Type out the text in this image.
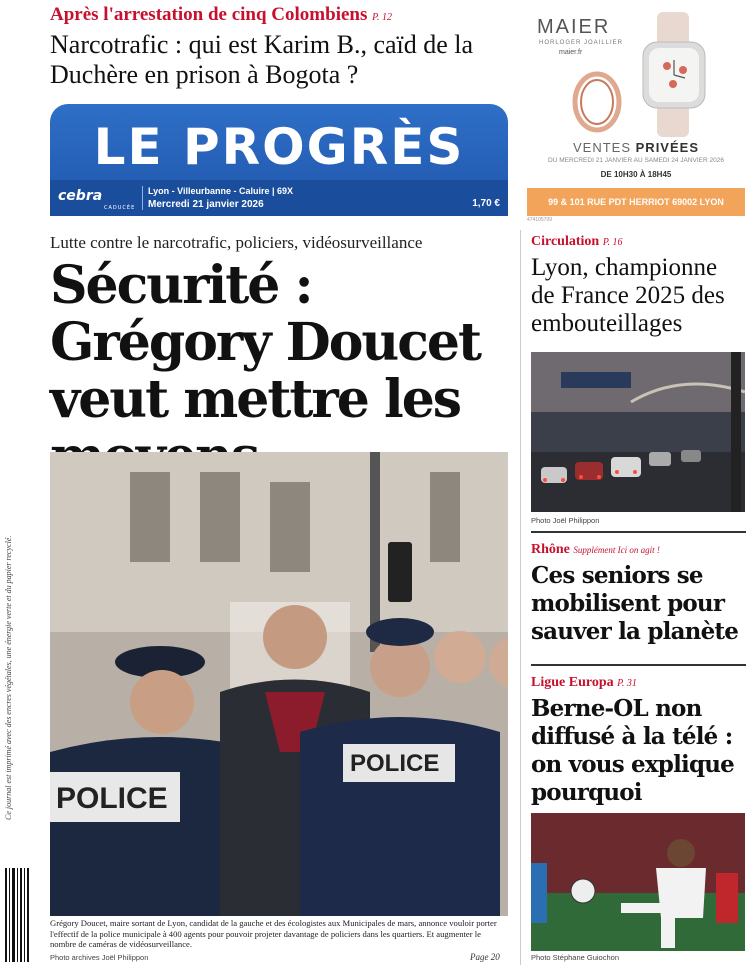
Après l'arrestation de cinq Colombiens P. 12
Narcotrafic : qui est Karim B., caïd de la Duchère en prison à Bogota ?
MAIER
HORLOGER JOAILLIER
maier.fr
VENTES PRIVÉES
DU MERCREDI 21 JANVIER AU SAMEDI 24 JANVIER 2026
DE 10H30 À 18H45
99 & 101 RUE PDT HERRIOT 69002 LYON
474105709
LE PROGRÈS
cebra
CADUCÉE
Lyon - Villeurbanne - Caluire | 69X
Mercredi 21 janvier 2026	1,70 €
Lutte contre le narcotrafic, policiers, vidéosurveillance
Sécurité : Grégory Doucet veut mettre les
POLICE
POLICE
Grégory Doucet, maire sortant de Lyon, candidat de la gauche et des écologistes aux Municipales de mars, annonce vouloir porter l'effectif de la police municipale à 400 agents pour pouvoir projeter davantage de policiers dans les quartiers. Et augmenter le nombre de caméras de vidéosurveillance.
Photo archives Joël Philippon	Page 20
Circulation P. 16
Lyon, championne de France 2025 des embouteillages
Photo Joël Philippon
Rhône Supplément Ici on agit !
Ces seniors se mobilisent pour sauver la planète
Ligue Europa P. 31
Berne-OL non diffusé à la télé : on vous explique pourquoi
Photo Stéphane Guiochon
Ce journal est imprimé avec des encres végétales, une énergie verte et du papier recyclé.
